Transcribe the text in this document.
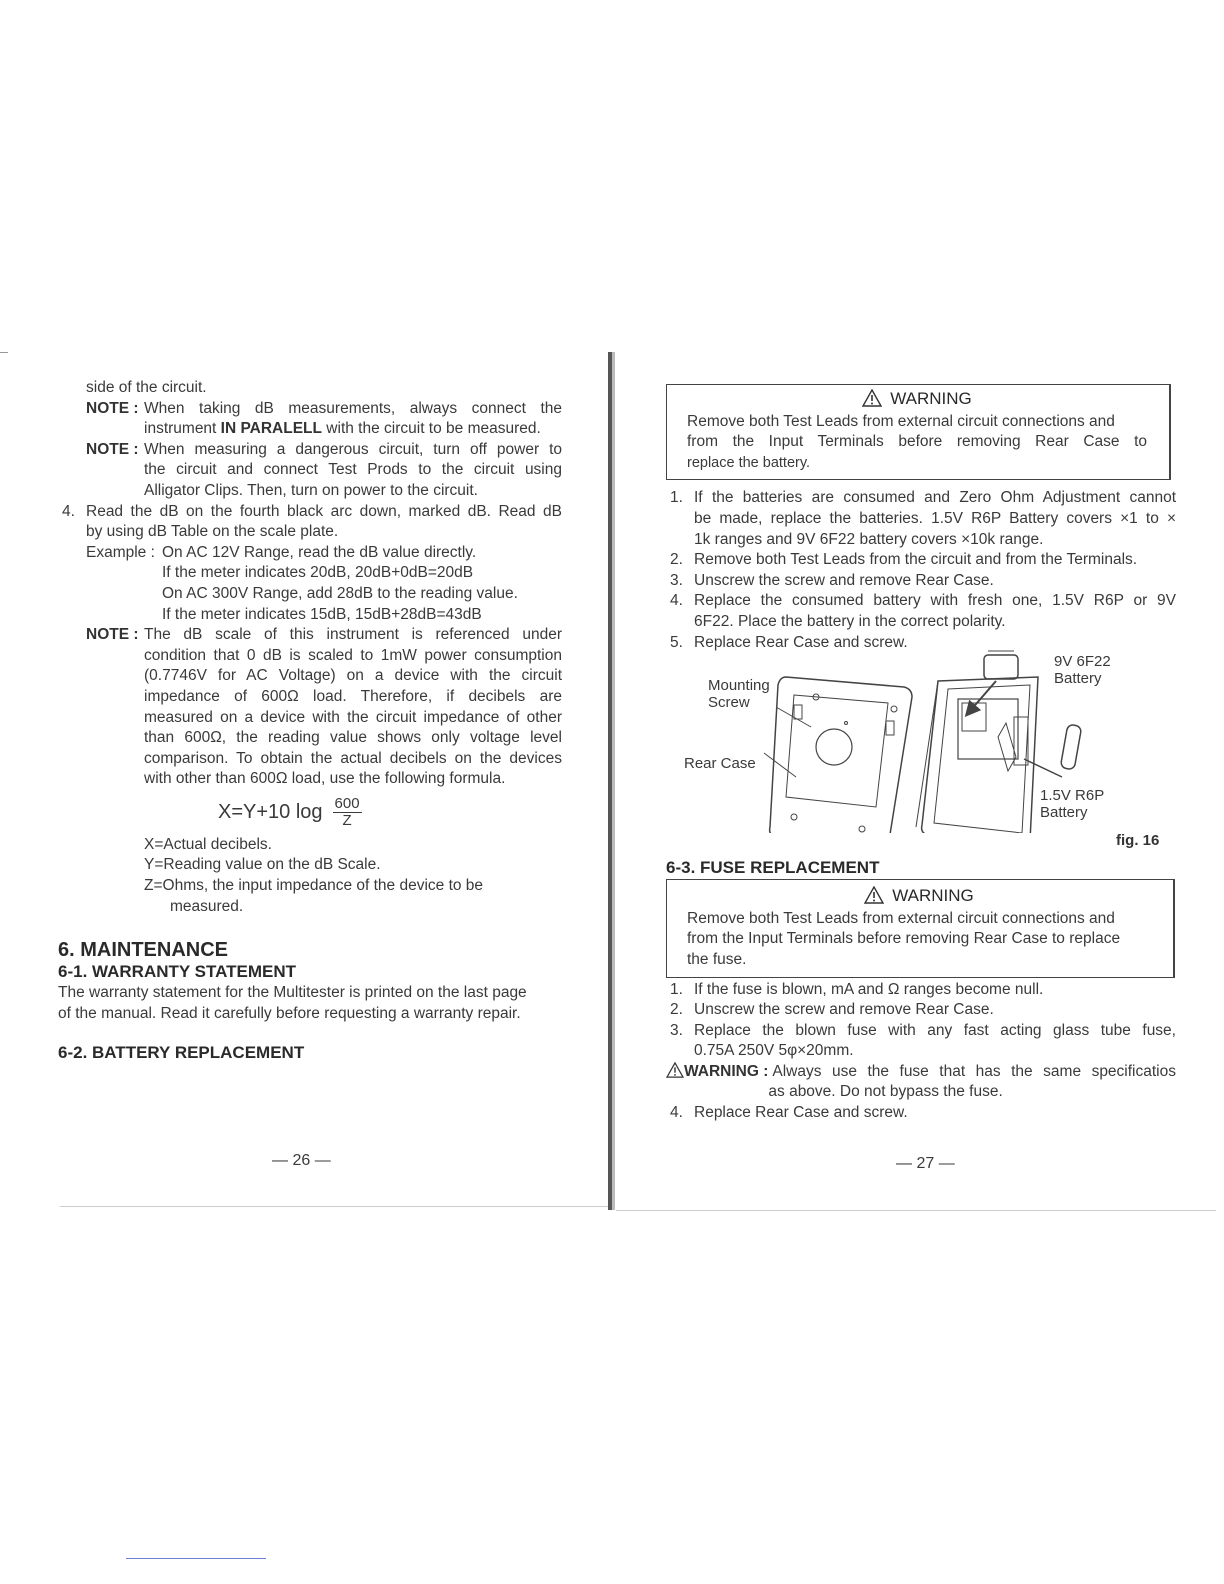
side of the circuit.
NOTE : When taking dB measurements, always connect the
instrument IN PARALELL with the circuit to be measured.
NOTE : When measuring a dangerous circuit, turn off power to
the circuit and connect Test Prods to the circuit using
Alligator Clips. Then, turn on power to the circuit.
4. Read the dB on the fourth black arc down, marked dB. Read dB
by using dB Table on the scale plate.
Example : On AC 12V Range, read the dB value directly.
If the meter indicates 20dB, 20dB+0dB=20dB
On AC 300V Range, add 28dB to the reading value.
If the meter indicates 15dB, 15dB+28dB=43dB
NOTE : The dB scale of this instrument is referenced under
condition that 0 dB is scaled to 1mW power consumption
(0.7746V for AC Voltage) on a device with the circuit
impedance of 600Ω load. Therefore, if decibels are
measured on a device with the circuit impedance of other
than 600Ω, the reading value shows only voltage level
comparison. To obtain the actual decibels on the devices
with other than 600Ω load, use the following formula.
X=Y+10 $\log \frac{600}{Z}$
X=Actual decibels.
Y=Reading value on the dB Scale.
Z=Ohms, the input impedance of the device to be
measured.
6. MAINTENANCE
6-1. WARRANTY STATEMENT
The warranty statement for the Multitester is printed on the last page
of the manual. Read it carefully before requesting a warranty repair.
6-2. BATTERY REPLACEMENT
— 26 —
WARNING
Remove both Test Leads from external circuit connections and
from the Input Terminals before removing Rear Case to
replace the battery.
1. If the batteries are consumed and Zero Ohm Adjustment cannot
be made, replace the batteries. 1.5V R6P Battery covers ×1 to ×
1k ranges and 9V 6F22 battery covers ×10k range.
2. Remove both Test Leads from the circuit and from the Terminals.
3. Unscrew the screw and remove Rear Case.
4. Replace the consumed battery with fresh one, 1.5V R6P or 9V
6F22. Place the battery in the correct polarity.
5. Replace Rear Case and screw.
9V 6F22
Battery
Mounting
Screw
Rear Case
1.5V R6P
Battery
fig. 16
6-3. FUSE REPLACEMENT
WARNING
Remove both Test Leads from external circuit connections and
from the Input Terminals before removing Rear Case to replace
the fuse.
1. If the fuse is blown, mA and Ω ranges become null.
2. Unscrew the screw and remove Rear Case.
3. Replace the blown fuse with any fast acting glass tube fuse,
0.75A 250V 5φ×20mm.
WARNING : Always use the fuse that has the same specificatios
as above. Do not bypass the fuse.
4. Replace Rear Case and screw.
— 27 —
